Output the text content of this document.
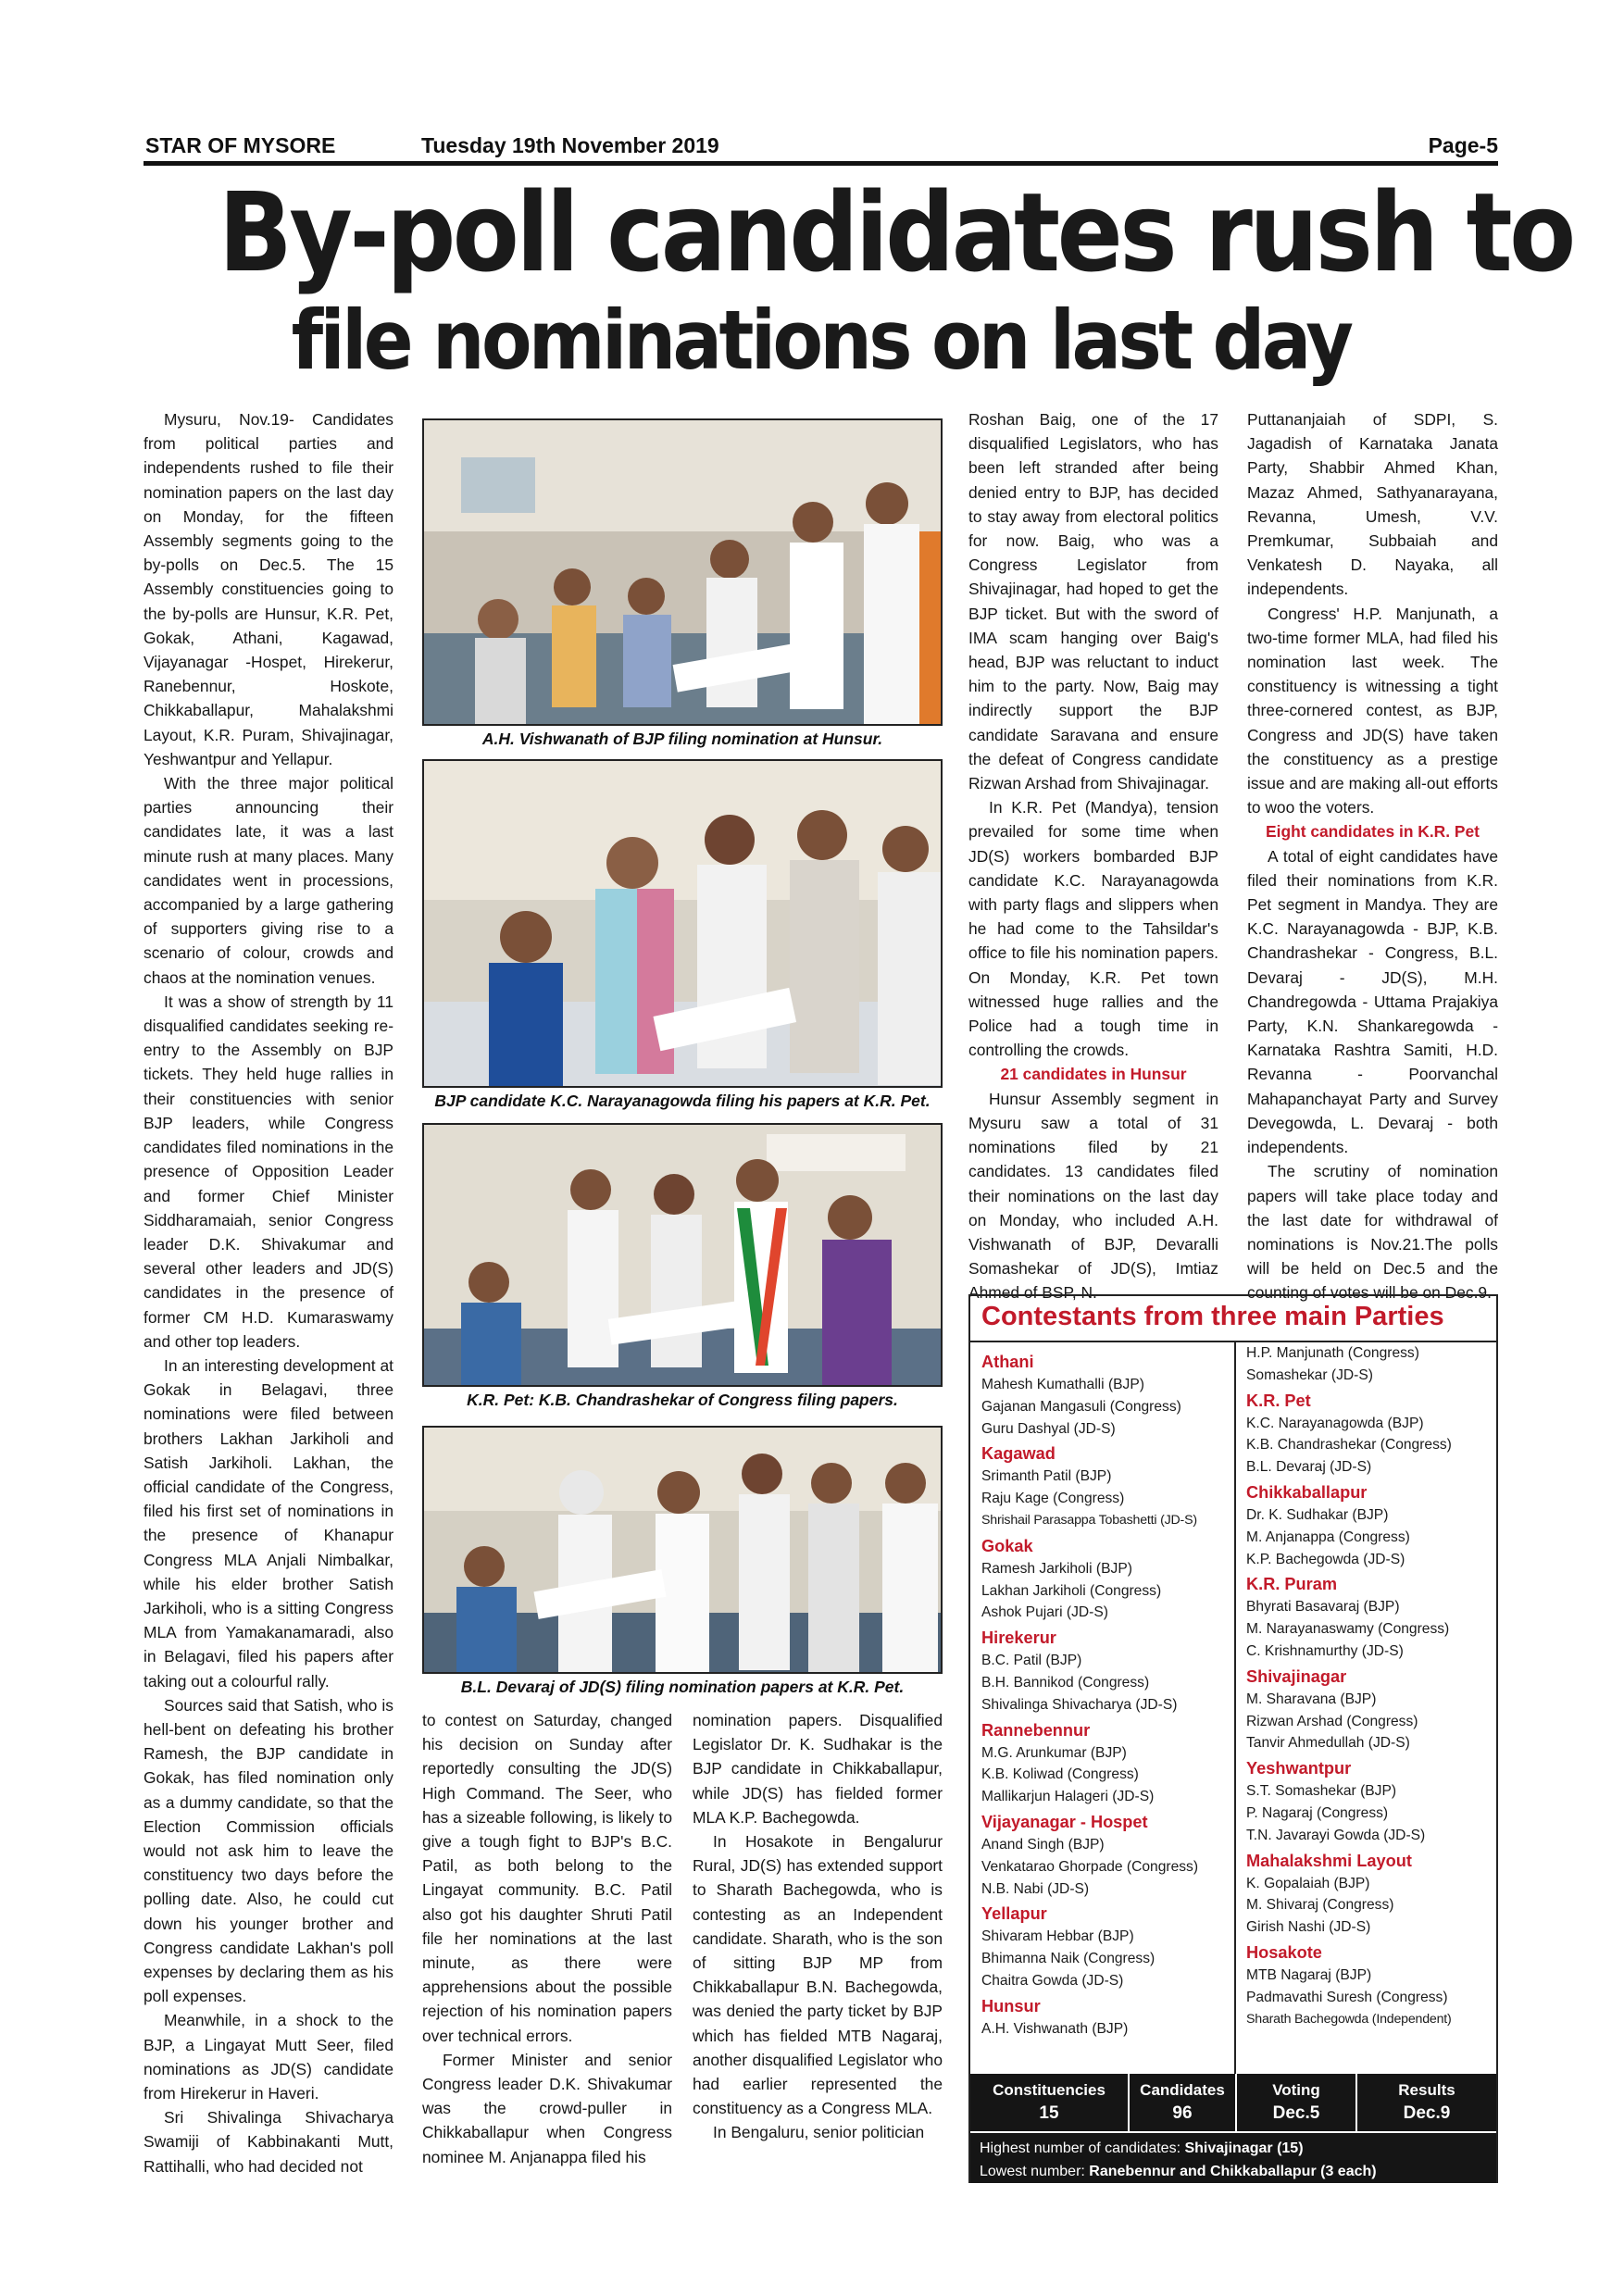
STAR OF MYSORE	Tuesday 19th November 2019	Page-5
By-poll candidates rush to
file nominations on last day

Mysuru, Nov.19- Candidates from political parties and independents rushed to file their nomination papers on the last day on Monday, for the fifteen Assembly segments going to the by-polls on Dec.5. The 15 Assembly constituencies going to the by-polls are Hunsur, K.R. Pet, Gokak, Athani, Kagawad, Vijayanagar -Hospet, Hirekerur, Ranebennur, Hoskote, Chikkaballapur, Mahalakshmi Layout, K.R. Puram, Shivajinagar, Yeshwantpur and Yellapur.

With the three major political parties announcing their candidates late, it was a last minute rush at many places. Many candidates went in processions, accompanied by a large gathering of supporters giving rise to a scenario of colour, crowds and chaos at the nomination venues.

It was a show of strength by 11 disqualified candidates seeking re-entry to the Assembly on BJP tickets. They held huge rallies in their constituencies with senior BJP leaders, while Congress candidates filed nominations in the presence of Opposition Leader and former Chief Minister Siddharamaiah, senior Congress leader D.K. Shivakumar and several other leaders and JD(S) candidates in the presence of former CM H.D. Kumaraswamy and other top leaders.

In an interesting development at Gokak in Belagavi, three nominations were filed between brothers Lakhan Jarkiholi and Satish Jarkiholi. Lakhan, the official candidate of the Congress, filed his first set of nominations in the presence of Khanapur Congress MLA Anjali Nimbalkar, while his elder brother Satish Jarkiholi, who is a sitting Congress MLA from Yamakanamaradi, also in Belagavi, filed his papers after taking out a colourful rally.

Sources said that Satish, who is hell-bent on defeating his brother Ramesh, the BJP candidate in Gokak, has filed nomination only as a dummy candidate, so that the Election Commission officials would not ask him to leave the constituency two days before the polling date. Also, he could cut down his younger brother and Congress candidate Lakhan's poll expenses by declaring them as his poll expenses.

Meanwhile, in a shock to the BJP, a Lingayat Mutt Seer, filed nominations as JD(S) candidate from Hirekerur in Haveri.

Sri Shivalinga Shivacharya Swamiji of Kabbinakanti Mutt, Rattihalli, who had decided not

A.H. Vishwanath of BJP filing nomination at Hunsur.
BJP candidate K.C. Narayanagowda filing his papers at K.R. Pet.
K.R. Pet: K.B. Chandrashekar of Congress filing papers.
B.L. Devaraj of JD(S) filing nomination papers at K.R. Pet.

to contest on Saturday, changed his decision on Sunday after reportedly consulting the JD(S) High Command. The Seer, who has a sizeable following, is likely to give a tough fight to BJP's B.C. Patil, as both belong to the Lingayat community. B.C. Patil also got his daughter Shruti Patil file her nominations at the last minute, as there were apprehensions about the possible rejection of his nomination papers over technical errors.

Former Minister and senior Congress leader D.K. Shivakumar was the crowd-puller in Chikkaballapur when Congress nominee M. Anjanappa filed his

nomination papers. Disqualified Legislator Dr. K. Sudhakar is the BJP candidate in Chikkaballapur, while JD(S) has fielded former MLA K.P. Bachegowda.

In Hosakote in Bengalurur Rural, JD(S) has extended support to Sharath Bachegowda, who is contesting as an Independent candidate. Sharath, who is the son of sitting BJP MP from Chikkaballapur B.N. Bachegowda, was denied the party ticket by BJP which has fielded MTB Nagaraj, another disqualified Legislator who had earlier represented the constituency as a Congress MLA.

In Bengaluru, senior politician

Roshan Baig, one of the 17 disqualified Legislators, who has been left stranded after being denied entry to BJP, has decided to stay away from electoral politics for now. Baig, who was a Congress Legislator from Shivajinagar, had hoped to get the BJP ticket. But with the sword of IMA scam hanging over Baig's head, BJP was reluctant to induct him to the party. Now, Baig may indirectly support the BJP candidate Saravana and ensure the defeat of Congress candidate Rizwan Arshad from Shivajinagar.

In K.R. Pet (Mandya), tension prevailed for some time when JD(S) workers bombarded BJP candidate K.C. Narayanagowda with party flags and slippers when he had come to the Tahsildar's office to file his nomination papers. On Monday, K.R. Pet town witnessed huge rallies and the Police had a tough time in controlling the crowds.

21 candidates in Hunsur

Hunsur Assembly segment in Mysuru saw a total of 31 nominations filed by 21 candidates. 13 candidates filed their nominations on the last day on Monday, who included A.H. Vishwanath of BJP, Devaralli Somashekar of JD(S), Imtiaz Ahmed of BSP, N.

Puttananjaiah of SDPI, S. Jagadish of Karnataka Janata Party, Shabbir Ahmed Khan, Mazaz Ahmed, Sathyanarayana, Revanna, Umesh, V.V. Premkumar, Subbaiah and Venkatesh D. Nayaka, all independents.

Congress' H.P. Manjunath, a two-time former MLA, had filed his nomination last week. The constituency is witnessing a tight three-cornered contest, as BJP, Congress and JD(S) have taken the constituency as a prestige issue and are making all-out efforts to woo the voters.

Eight candidates in K.R. Pet

A total of eight candidates have filed their nominations from K.R. Pet segment in Mandya. They are K.C. Narayanagowda - BJP, K.B. Chandrashekar - Congress, B.L. Devaraj - JD(S), M.H. Chandregowda - Uttama Prajakiya Party, K.N. Shankaregowda - Karnataka Rashtra Samiti, H.D. Revanna - Poorvanchal Mahapanchayat Party and Survey Devegowda, L. Devaraj - both independents.

The scrutiny of nomination papers will take place today and the last date for withdrawal of nominations is Nov.21.The polls will be held on Dec.5 and the counting of votes will be on Dec.9.

Contestants from three main Parties
Athani
Mahesh Kumathalli (BJP)
Gajanan Mangasuli (Congress)
Guru Dashyal (JD-S)
Kagawad
Srimanth Patil (BJP)
Raju Kage (Congress)
Shrishail Parasappa Tobashetti (JD-S)
Gokak
Ramesh Jarkiholi (BJP)
Lakhan Jarkiholi (Congress)
Ashok Pujari (JD-S)
Hirekerur
B.C. Patil (BJP)
B.H. Bannikod (Congress)
Shivalinga Shivacharya (JD-S)
Rannebennur
M.G. Arunkumar (BJP)
K.B. Koliwad (Congress)
Mallikarjun Halageri (JD-S)
Vijayanagar - Hospet
Anand Singh (BJP)
Venkatarao Ghorpade (Congress)
N.B. Nabi (JD-S)
Yellapur
Shivaram Hebbar (BJP)
Bhimanna Naik (Congress)
Chaitra Gowda (JD-S)
Hunsur
A.H. Vishwanath (BJP)
H.P. Manjunath (Congress)
Somashekar (JD-S)
K.R. Pet
K.C. Narayanagowda (BJP)
K.B. Chandrashekar (Congress)
B.L. Devaraj (JD-S)
Chikkaballapur
Dr. K. Sudhakar (BJP)
M. Anjanappa (Congress)
K.P. Bachegowda (JD-S)
K.R. Puram
Bhyrati Basavaraj (BJP)
M. Narayanaswamy (Congress)
C. Krishnamurthy (JD-S)
Shivajinagar
M. Sharavana (BJP)
Rizwan Arshad (Congress)
Tanvir Ahmedullah (JD-S)
Yeshwantpur
S.T. Somashekar (BJP)
P. Nagaraj (Congress)
T.N. Javarayi Gowda (JD-S)
Mahalakshmi Layout
K. Gopalaiah (BJP)
M. Shivaraj (Congress)
Girish Nashi (JD-S)
Hosakote
MTB Nagaraj (BJP)
Padmavathi Suresh (Congress)
Sharath Bachegowda (Independent)
Constituencies
15
Candidates
96
Voting
Dec.5
Results
Dec.9
Highest number of candidates: Shivajinagar (15)
Lowest number: Ranebennur and Chikkaballapur (3 each)
